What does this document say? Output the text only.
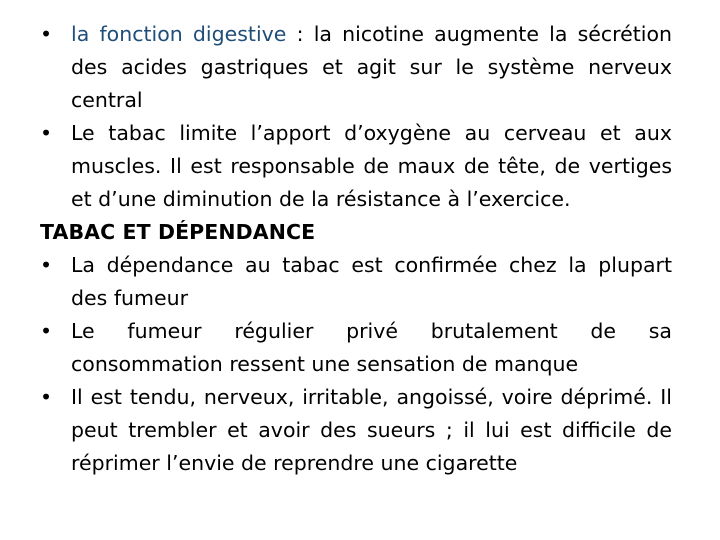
• la fonction digestive : la nicotine augmente la sécrétion des acides gastriques et agit sur le système nerveux central

• Le tabac limite l’apport d’oxygène au cerveau et aux muscles. Il est responsable de maux de tête, de vertiges et d’une diminution de la résistance à l’exercice.

TABAC ET DÉPENDANCE

• La dépendance au tabac est confirmée chez la plupart des fumeur

• Le fumeur régulier privé brutalement de sa consommation ressent une sensation de manque

• Il est tendu, nerveux, irritable, angoissé, voire déprimé. Il peut trembler et avoir des sueurs ; il lui est difficile de réprimer l’envie de reprendre une cigarette
